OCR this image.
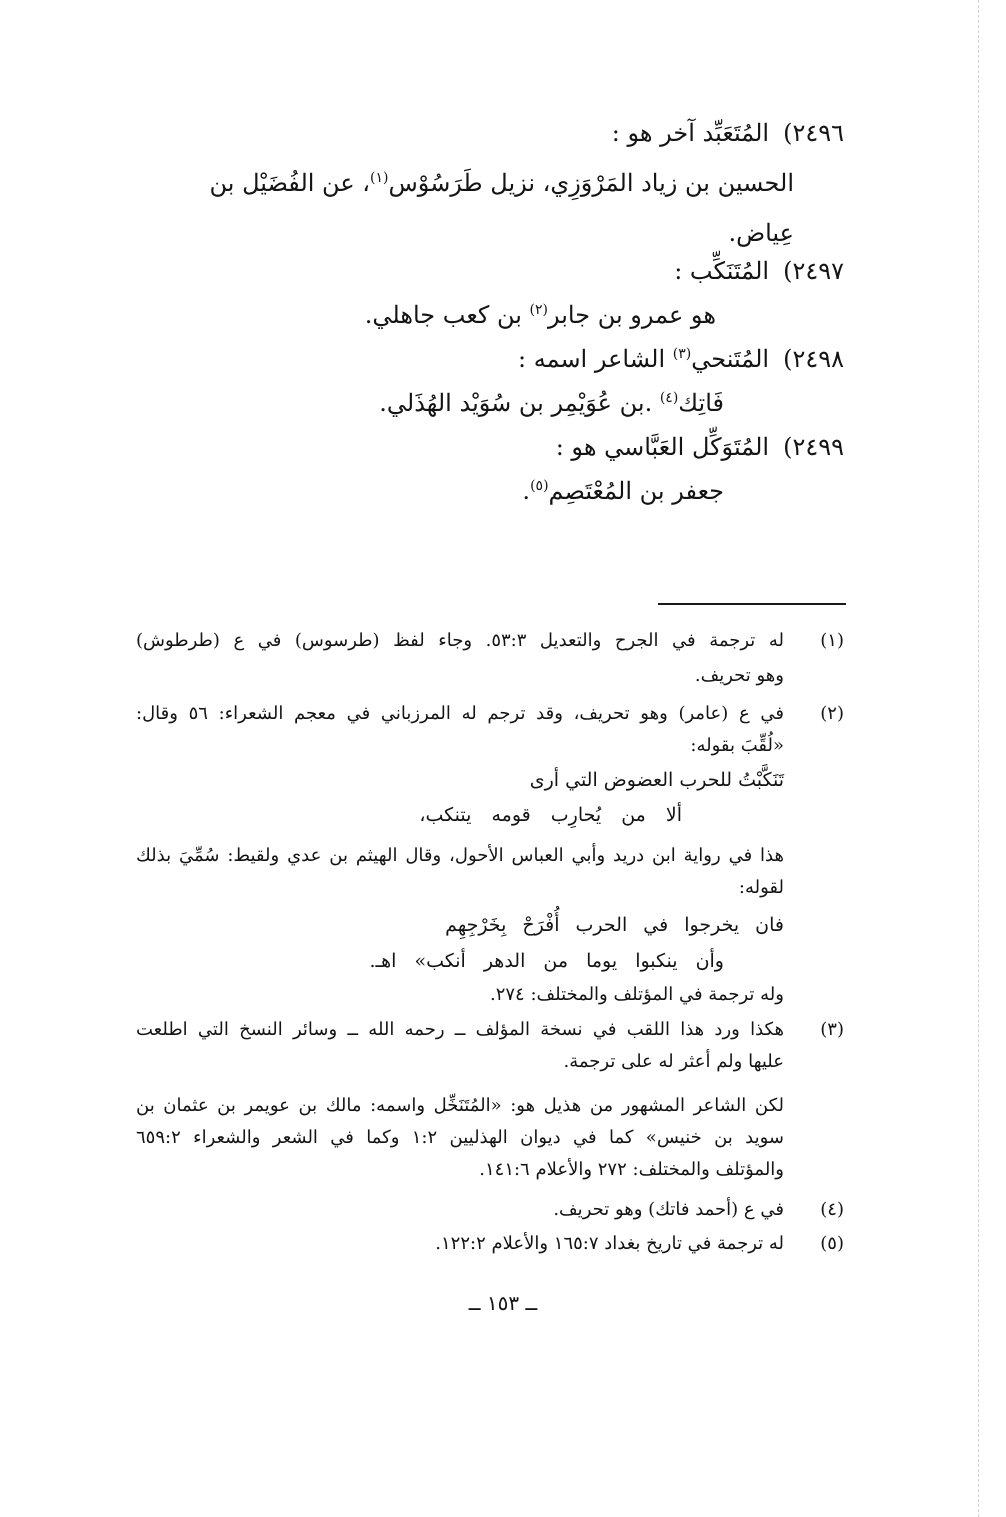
٢٤٩٦)المُتَعَبِّد آخر هو :
الحسين بن زياد المَرْوَزِي، نزيل طَرَسُوْس$^{(١)}$، عن الفُضَيْل بن
عِياض.
٢٤٩٧)المُتَنَكِّب :
هو عمرو بن جابر$^{(٢)}$ بن كعب جاهلي.
٢٤٩٨)المُتَنحي$^{(٣)}$ الشاعر اسمه :
فَاتِك$^{(٤)}$ .بن عُوَيْمِر بن سُوَيْد الهُذَلي.
٢٤٩٩)المُتَوَكِّل العَبَّاسي هو :
جعفر بن المُعْتَصِم$^{(٥)}$.
(١)
له ترجمة في الجرح والتعديل ٥٣:٣. وجاء لفظ (طرسوس) في ع (طرطوش)
وهو تحريف.
(٢)
في ع (عامر) وهو تحريف، وقد ترجم له المرزباني في معجم الشعراء: ٥٦ وقال:
«لُقِّبَ بقوله:
تَنَكَّبْتُ للحرب العضوض التي أرى
ألا من يُحارِب قومه يتنكب،
هذا في رواية ابن دريد وأبي العباس الأحول، وقال الهيثم بن عدي ولقيط: سُمِّيَ بذلك
لقوله:
فان يخرجوا في الحرب أُفْرَحْ بِخَرْجِهِم
وأن ينكبوا يوما من الدهر أنكب» اهـ.
وله ترجمة في المؤتلف والمختلف: ٢٧٤.
(٣)
هكذا ورد هذا اللقب في نسخة المؤلف ــ رحمه الله ــ وسائر النسخ التي اطلعت
عليها ولم أعثر له على ترجمة.
لكن الشاعر المشهور من هذيل هو: «المُتَنَخِّل واسمه: مالك بن عويمر بن عثمان بن
سويد بن خنيس» كما في ديوان الهذليين ١:٢ وكما في الشعر والشعراء ٦٥٩:٢
والمؤتلف والمختلف: ٢٧٢ والأعلام ١٤١:٦.
(٤)
في ع (أحمد فاتك) وهو تحريف.
(٥)
له ترجمة في تاريخ بغداد ١٦٥:٧ والأعلام ١٢٢:٢.
ــ ١٥٣ ــ
